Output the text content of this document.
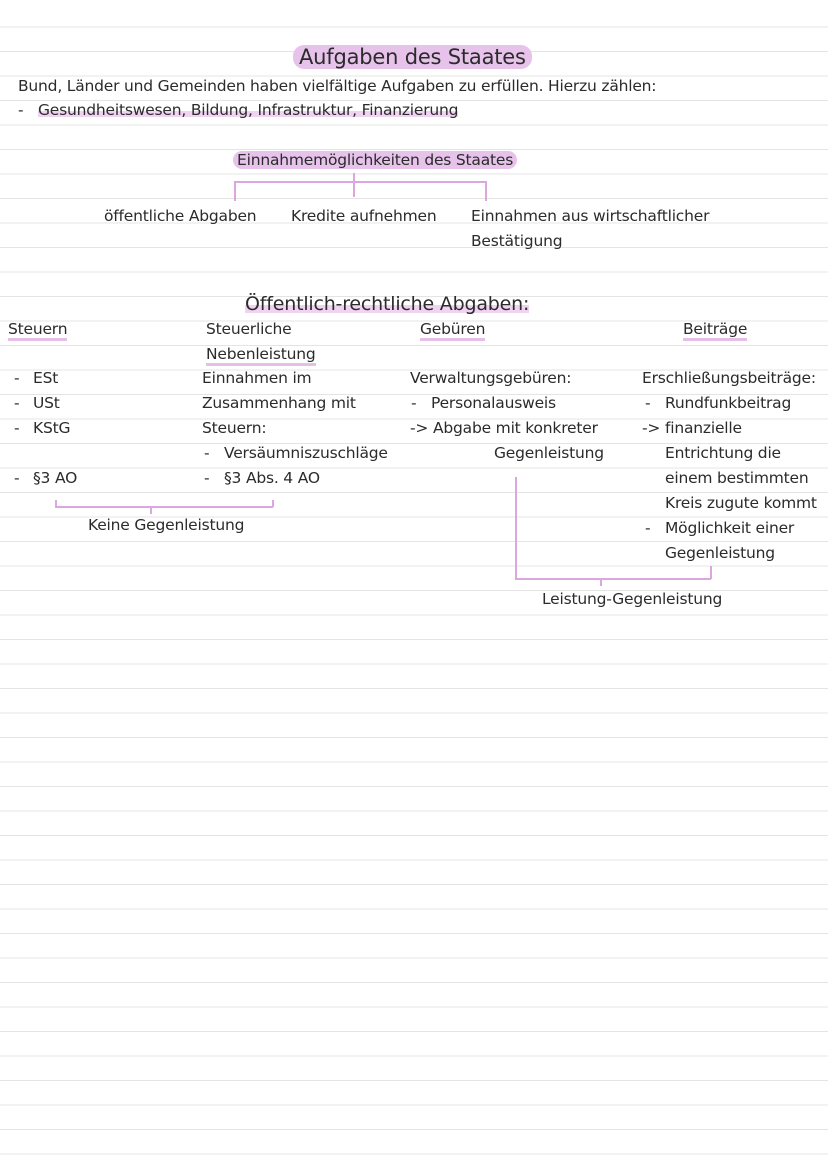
Aufgaben des Staates
Bund, Länder und Gemeinden haben vielfältige Aufgaben zu erfüllen. Hierzu zählen:
- Gesundheitswesen, Bildung, Infrastruktur, Finanzierung
Einnahmemöglichkeiten des Staates
öffentliche Abgaben Kredite aufnehmen Einnahmen aus wirtschaftlicher
Bestätigung
Öffentlich-rechtliche Abgaben:
Steuern
- ESt
- USt
- KStG
- §3 AO
Steuerliche
Nebenleistung
Einnahmen im
Zusammenhang mit
Steuern:
- Versäumniszuschläge
- §3 Abs. 4 AO
Keine Gegenleistung
Gebüren
Verwaltungsgebüren:
- Personalausweis
-> Abgabe mit konkreter
Gegenleistung
Beiträge
Erschließungsbeiträge:
- Rundfunkbeitrag
-> finanzielle
Entrichtung die
einem bestimmten
Kreis zugute kommt
- Möglichkeit einer
Gegenleistung
Leistung-Gegenleistung
